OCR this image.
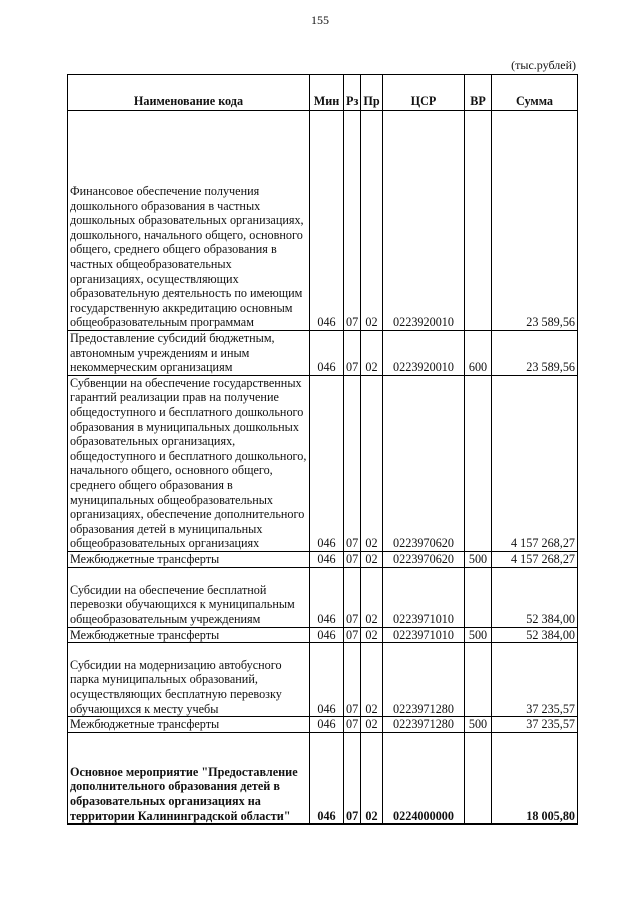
155
(тыс.рублей)
Наименование кода	Мин	Рз	Пр	ЦСР	ВР	Сумма
Финансовое обеспечение получения дошкольного образования в частных дошкольных образовательных организациях, дошкольного, начального общего, основного общего, среднего общего образования в частных общеобразовательных организациях, осуществляющих образовательную деятельность по имеющим государственную аккредитацию основным общеобразовательным программам	046	07	02	0223920010		23 589,56
Предоставление субсидий бюджетным, автономным учреждениям и иным некоммерческим организациям	046	07	02	0223920010	600	23 589,56
Субвенции на обеспечение государственных гарантий реализации прав на получение общедоступного и бесплатного дошкольного образования в муниципальных дошкольных образовательных организациях, общедоступного и бесплатного дошкольного, начального общего, основного общего, среднего общего образования в муниципальных общеобразовательных организациях, обеспечение дополнительного образования детей в муниципальных общеобразовательных организациях	046	07	02	0223970620		4 157 268,27
Межбюджетные трансферты	046	07	02	0223970620	500	4 157 268,27
Субсидии на обеспечение бесплатной перевозки обучающихся к муниципальным общеобразовательным учреждениям	046	07	02	0223971010		52 384,00
Межбюджетные трансферты	046	07	02	0223971010	500	52 384,00
Субсидии на модернизацию автобусного парка муниципальных образований, осуществляющих бесплатную перевозку обучающихся к месту учебы	046	07	02	0223971280		37 235,57
Межбюджетные трансферты	046	07	02	0223971280	500	37 235,57
Основное мероприятие "Предоставление дополнительного образования детей в образовательных организациях на территории Калининградской области"	046	07	02	0224000000		18 005,80
